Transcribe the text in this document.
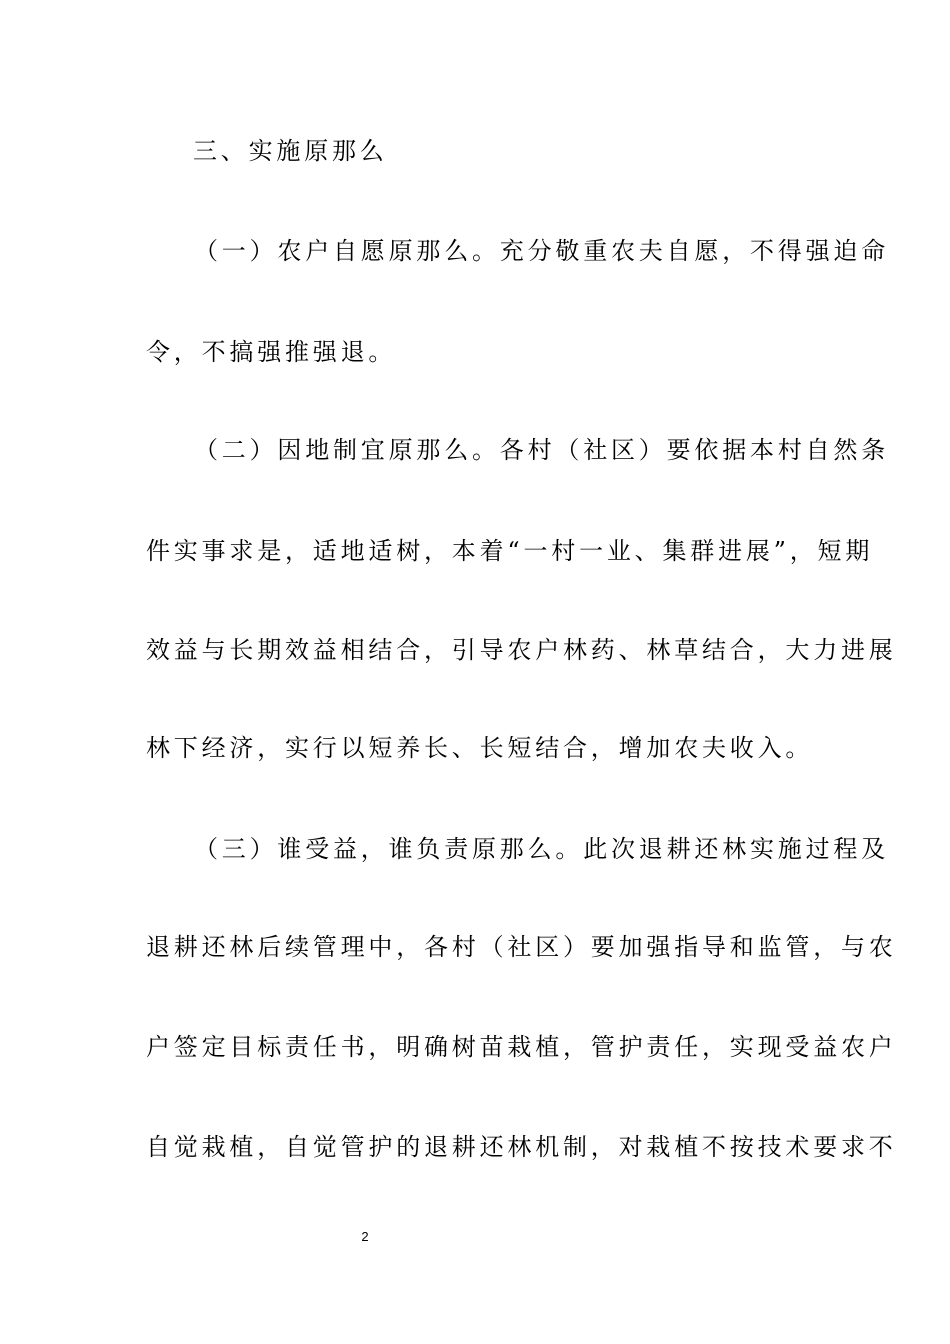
三、实施原那么
（一）农户自愿原那么。充分敬重农夫自愿，不得强迫命
令，不搞强推强退。
（二）因地制宜原那么。各村（社区）要依据本村自然条
件实事求是，适地适树，本着“一村一业、集群进展”，短期
效益与长期效益相结合，引导农户林药、林草结合，大力进展
林下经济，实行以短养长、长短结合，增加农夫收入。
（三）谁受益，谁负责原那么。此次退耕还林实施过程及
退耕还林后续管理中，各村（社区）要加强指导和监管，与农
户签定目标责任书，明确树苗栽植，管护责任，实现受益农户
自觉栽植，自觉管护的退耕还林机制，对栽植不按技术要求不
2
